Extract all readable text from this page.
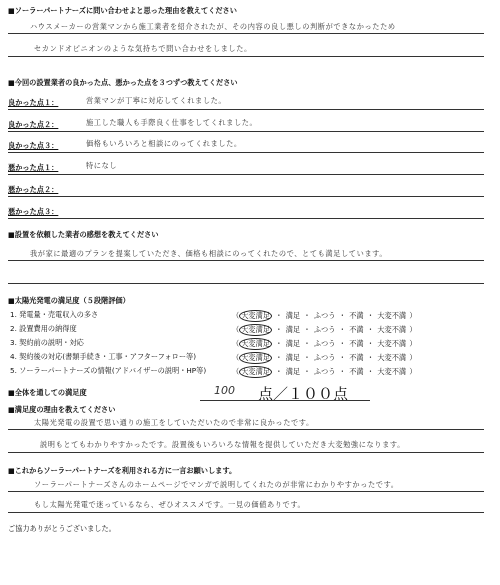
■ソーラーパートナーズに問い合わせよと思った理由を教えてください
ハウスメーカーの営業マンから施工業者を紹介されたが、その内容の良し悪しの判断ができなかったため
セカンドオピニオンのような気持ちで問い合わせをしました。
■今回の設置業者の良かった点、悪かった点を３つずつ教えてください
良かった点１：	営業マンが丁寧に対応してくれました。
良かった点２：	施工した職人も手際良く仕事をしてくれました。
良かった点３：	価格もいろいろと相談にのってくれました。
悪かった点１：	特になし
悪かった点２：
悪かった点３：
■設置を依頼した業者の感想を教えてください
我が家に最適のプランを提案していただき、価格も相談にのってくれたので、とても満足しています。
■太陽光発電の満足度（５段階評価）
1. 発電量・売電収入の多さ	（ 大変満足 ・ 満足 ・ ふつう ・ 不満 ・ 大変不満 ）
2. 設置費用の納得度	（ 大変満足 ・ 満足 ・ ふつう ・ 不満 ・ 大変不満 ）
3. 契約前の説明・対応	（ 大変満足 ・ 満足 ・ ふつう ・ 不満 ・ 大変不満 ）
4. 契約後の対応(書類手続き・工事・アフターフォロー等)	（ 大変満足 ・ 満足 ・ ふつう ・ 不満 ・ 大変不満 ）
5. ソーラーパートナーズの情報(アドバイザーの説明・HP等)	（ 大変満足 ・ 満足 ・ ふつう ・ 不満 ・ 大変不満 ）
■全体を通しての満足度	100 点／１００点
■満足度の理由を教えてください
太陽光発電の設置で思い通りの施工をしていただいたので非常に良かったです。
説明もとてもわかりやすかったです。設置後もいろいろな情報を提供していただき大変勉強になります。
■これからソーラーパートナーズを利用される方に一言お願いします。
ソーラーパートナーズさんのホームページでマンガで説明してくれたのが非常にわかりやすかったです。
もし太陽光発電で迷っているなら、ぜひオススメです。一見の価値ありです。
ご協力ありがとうございました。
